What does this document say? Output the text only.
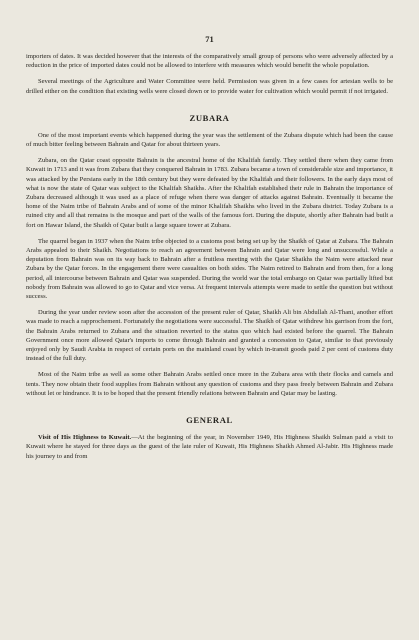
71

importers of dates. It was decided however that the interests of the comparatively small group of persons who were adversely affected by a reduction in the price of imported dates could not be allowed to interfere with measures which would benefit the whole population.

Several meetings of the Agriculture and Water Committee were held. Permission was given in a few cases for artesian wells to be drilled either on the condition that existing wells were closed down or to provide water for cultivation which would permit if not irrigated.

ZUBARA

One of the most important events which happened during the year was the settlement of the Zubara dispute which had been the cause of much bitter feeling between Bahrain and Qatar for about thirteen years.

Zubara, on the Qatar coast opposite Bahrain is the ancestral home of the Khalifah family. They settled there when they came from Kuwait in 1713 and it was from Zubara that they conquered Bahrain in 1783. Zubara became a town of considerable size and importance, it was attacked by the Persians early in the 18th century but they were defeated by the Khalifah and their followers. In the early days most of what is now the state of Qatar was subject to the Khalifah Shaikhs. After the Khalifah established their rule in Bahrain the importance of Zubara decreased although it was used as a place of refuge when there was danger of attacks against Bahrain. Eventually it became the home of the Naim tribe of Bahrain Arabs and of some of the minor Khalifah Shaikhs who lived in the Zubara district. Today Zubara is a ruined city and all that remains is the mosque and part of the walls of the famous fort. During the dispute, shortly after Bahrain had built a fort on Hawar Island, the Shaikh of Qatar built a large square tower at Zubara.

The quarrel began in 1937 when the Naim tribe objected to a customs post being set up by the Shaikh of Qatar at Zubara. The Bahrain Arabs appealed to their Shaikh. Negotiations to reach an agreement between Bahrain and Qatar were long and unsuccessful. While a deputation from Bahrain was on its way back to Bahrain after a fruitless meeting with the Qatar Shaikhs the Naim were attacked near Zubara by the Qatar forces. In the engagement there were casualties on both sides. The Naim retired to Bahrain and from then, for a long period, all intercourse between Bahrain and Qatar was suspended. During the world war the total embargo on Qatar was partially lifted but nobody from Bahrain was allowed to go to Qatar and vice versa. At frequent intervals attempts were made to settle the question but without success.

During the year under review soon after the accession of the present ruler of Qatar, Shaikh Ali bin Abdullah Al-Thani, another effort was made to reach a rapprochement. Fortunately the negotiations were successful. The Shaikh of Qatar withdrew his garrison from the fort, the Bahrain Arabs returned to Zubara and the situation reverted to the status quo which had existed before the quarrel. The Bahrain Government once more allowed Qatar's imports to come through Bahrain and granted a concession to Qatar, similar to that previously enjoyed only by Saudi Arabia in respect of certain ports on the mainland coast by which in-transit goods paid 2 per cent of customs duty instead of the full duty.

Most of the Naim tribe as well as some other Bahrain Arabs settled once more in the Zubara area with their flocks and camels and tents. They now obtain their food supplies from Bahrain without any question of customs and they pass freely between Bahrain and Zubara without let or hindrance. It is to be hoped that the present friendly relations between Bahrain and Qatar may be lasting.

GENERAL

Visit of His Highness to Kuwait.—At the beginning of the year, in November 1949, His Highness Shaikh Sulman paid a visit to Kuwait where he stayed for three days as the guest of the late ruler of Kuwait, His Highness Shaikh Ahmed Al-Jabir. His Highness made his journey to and from
